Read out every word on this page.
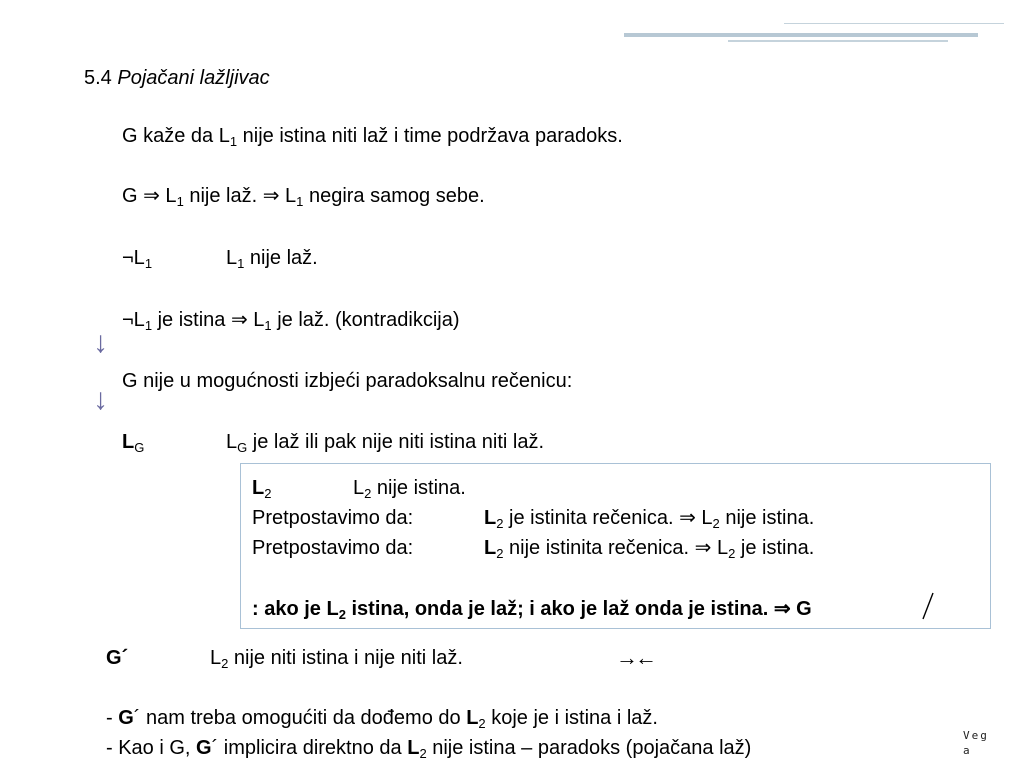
5.4 Pojačani lažljivac
G kaže da $L_1$ nije istina niti laž i time podržava paradoks.
G ⇒ $L_1$ nije laž. ⇒ $L_1$ negira samog sebe.
$\neg L_1$	$L_1$ nije laž.
$\neg L_1$ je istina ⇒ $L_1$ je laž. (kontradikcija)
↓
G nije u mogućnosti izbjeći paradoksalnu rečenicu:
↓
$L_G$	$L_G$ je laž ili pak nije niti istina niti laž.
$L_2$	$L_2$ nije istina.
Pretpostavimo da:	$L_2$ je istinita rečenica. ⇒ $L_2$ nije istina.
Pretpostavimo da:	$L_2$ nije istinita rečenica. ⇒ $L_2$ je istina.
: ako je $L_2$ istina, onda je laž; i ako je laž onda je istina. ⇒ G
G´	$L_2$ nije niti istina i nije niti laž.	→←
- G´ nam treba omogućiti da dođemo do $L_2$ koje je i istina i laž.
- Kao i G, G´ implicira direktno da $L_2$ nije istina – paradoks (pojačana laž)
Veg
a
